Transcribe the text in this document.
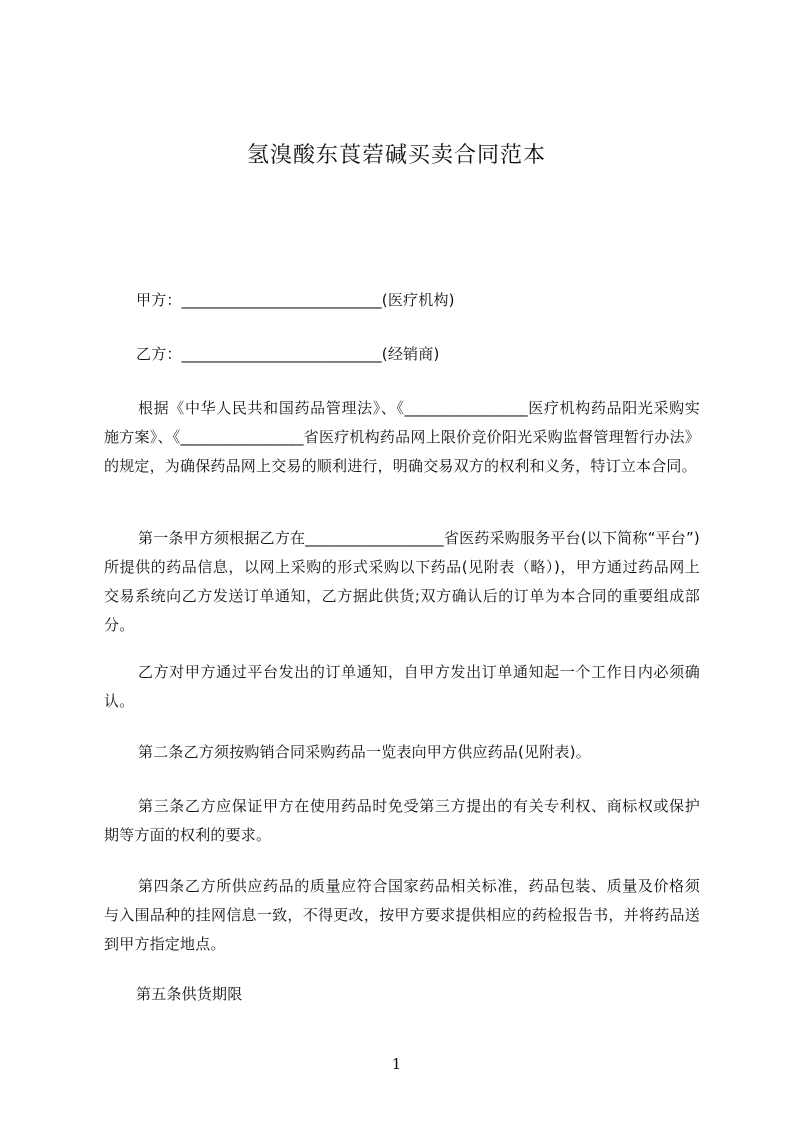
氢溴酸东莨菪碱买卖合同范本
甲方：__________________________(医疗机构)
乙方：__________________________(经销商)
根据《中华人民共和国药品管理法》、《________________医疗机构药品阳光采购实施方案》、《________________省医疗机构药品网上限价竞价阳光采购监督管理暂行办法》的规定，为确保药品网上交易的顺利进行，明确交易双方的权利和义务，特订立本合同。
第一条甲方须根据乙方在__________________省医药采购服务平台(以下简称“平台”)所提供的药品信息，以网上采购的形式采购以下药品(见附表（略）)，甲方通过药品网上交易系统向乙方发送订单通知，乙方据此供货;双方确认后的订单为本合同的重要组成部分。
乙方对甲方通过平台发出的订单通知，自甲方发出订单通知起一个工作日内必须确认。
第二条乙方须按购销合同采购药品一览表向甲方供应药品(见附表)。
第三条乙方应保证甲方在使用药品时免受第三方提出的有关专利权、商标权或保护期等方面的权利的要求。
第四条乙方所供应药品的质量应符合国家药品相关标准，药品包装、质量及价格须与入围品种的挂网信息一致，不得更改，按甲方要求提供相应的药检报告书，并将药品送到甲方指定地点。
第五条供货期限
1
